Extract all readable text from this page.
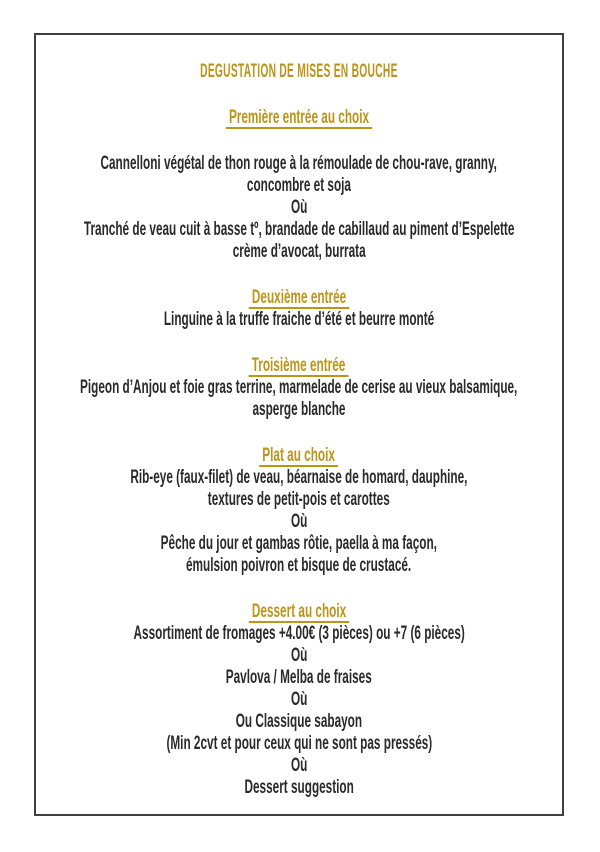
DEGUSTATION DE MISES EN BOUCHE
Première entrée au choix
Cannelloni végétal de thon rouge à la rémoulade de chou-rave, granny,
concombre et soja
Où
Tranché de veau cuit à basse tº, brandade de cabillaud au piment d’Espelette
crème d’avocat, burrata
Deuxième entrée
Linguine à la truffe fraiche d’été et beurre monté
Troisième entrée
Pigeon d’Anjou et foie gras terrine, marmelade de cerise au vieux balsamique,
asperge blanche
Plat au choix
Rib-eye (faux-filet) de veau, béarnaise de homard, dauphine,
textures de petit-pois et carottes
Où
Pêche du jour et gambas rôtie, paella à ma façon,
émulsion poivron et bisque de crustacé.
Dessert au choix
Assortiment de fromages +4.00€ (3 pièces) ou +7 (6 pièces)
Où
Pavlova / Melba de fraises
Où
Ou Classique sabayon
(Min 2cvt et pour ceux qui ne sont pas pressés)
Où
Dessert suggestion
